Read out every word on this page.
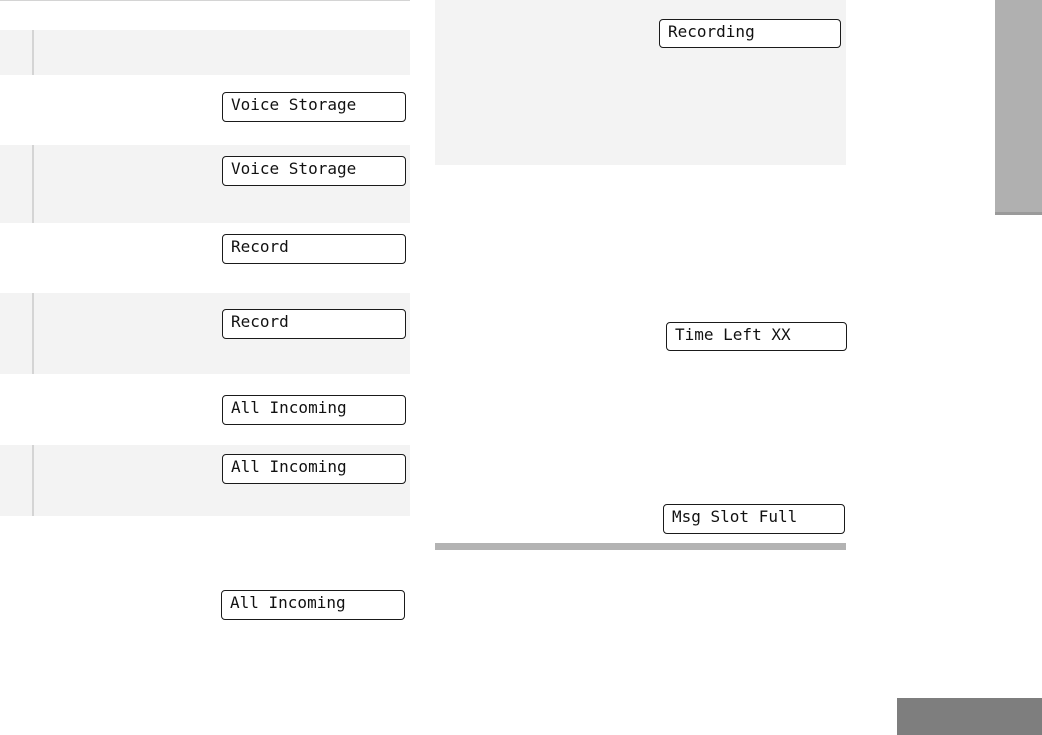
Voice Storage
Voice Storage
Record
Record
All Incoming
All Incoming
All Incoming
Recording
Time Left XX
Msg Slot Full
